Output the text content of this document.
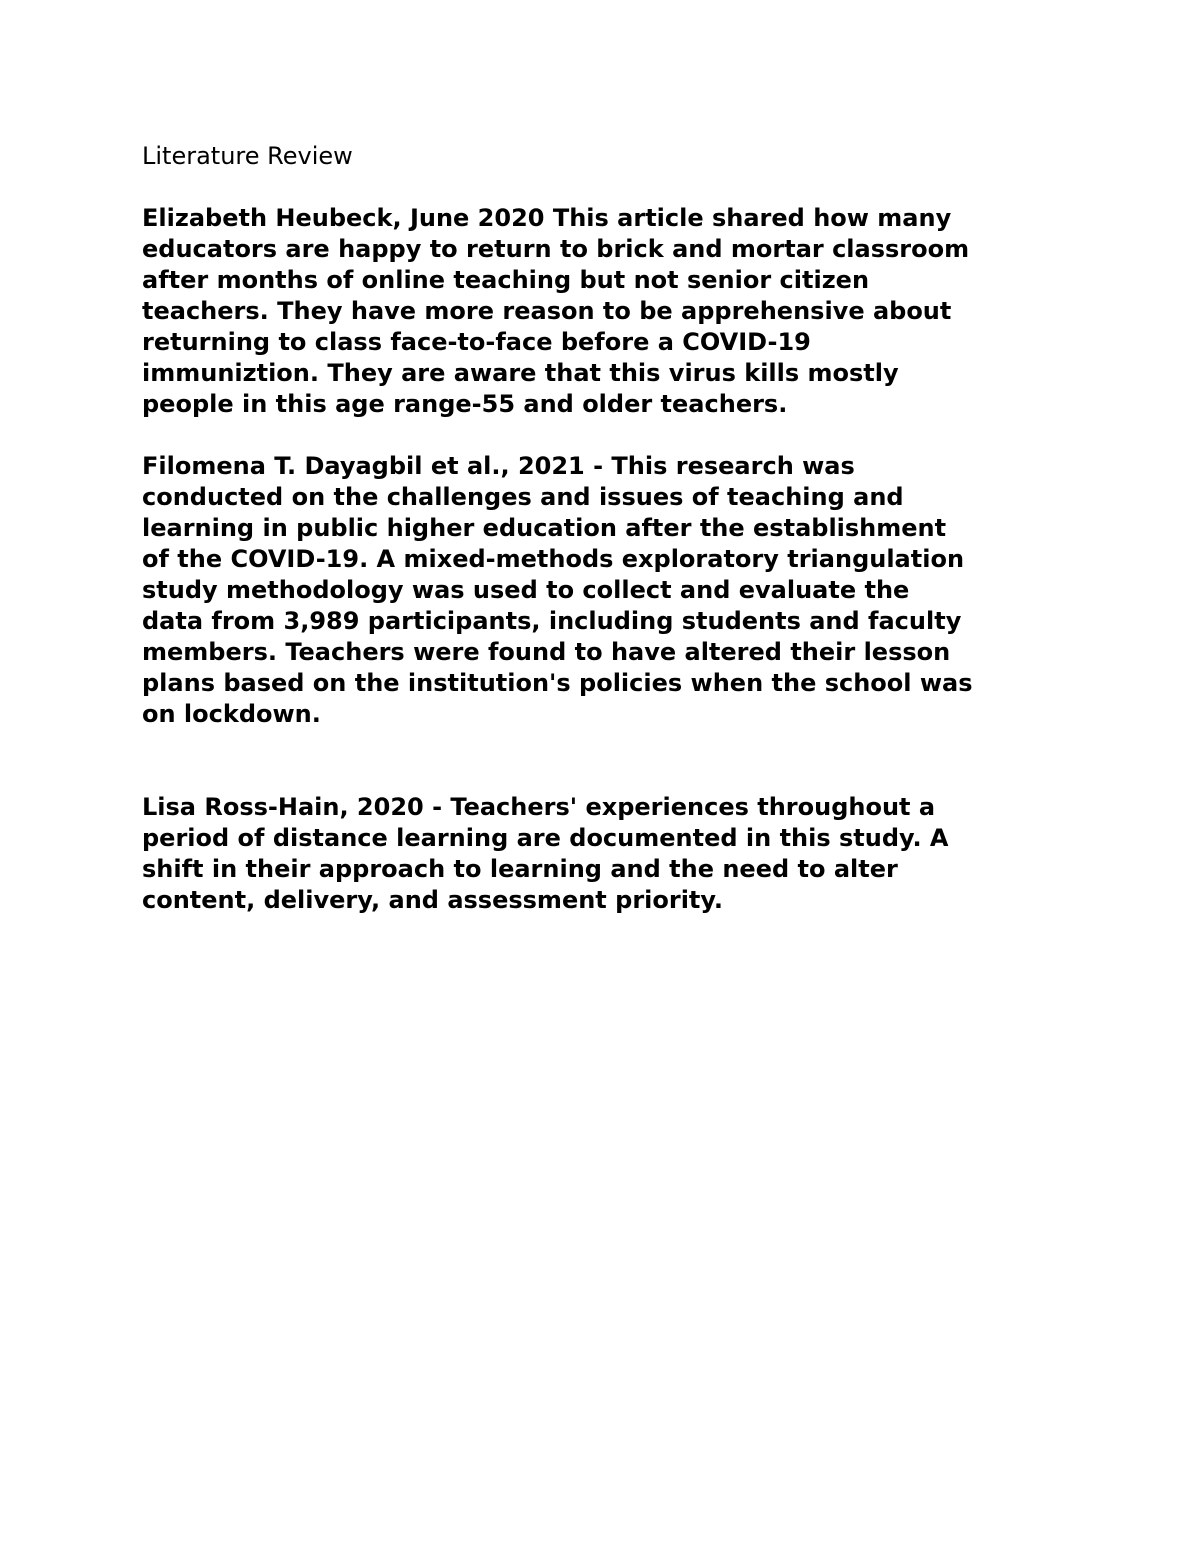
Literature Review

Elizabeth Heubeck, June 2020 This article shared how many
educators are happy to return to brick and mortar classroom
after months of online teaching but not senior citizen
teachers. They have more reason to be apprehensive about
returning to class face-to-face before a COVID-19
immuniztion. They are aware that this virus kills mostly
people in this age range-55 and older teachers.

Filomena T. Dayagbil et al., 2021 - This research was
conducted on the challenges and issues of teaching and
learning in public higher education after the establishment
of the COVID-19. A mixed-methods exploratory triangulation
study methodology was used to collect and evaluate the
data from 3,989 participants, including students and faculty
members. Teachers were found to have altered their lesson
plans based on the institution's policies when the school was
on lockdown.

Lisa Ross-Hain, 2020 - Teachers' experiences throughout a
period of distance learning are documented in this study. A
shift in their approach to learning and the need to alter
content, delivery, and assessment priority.
